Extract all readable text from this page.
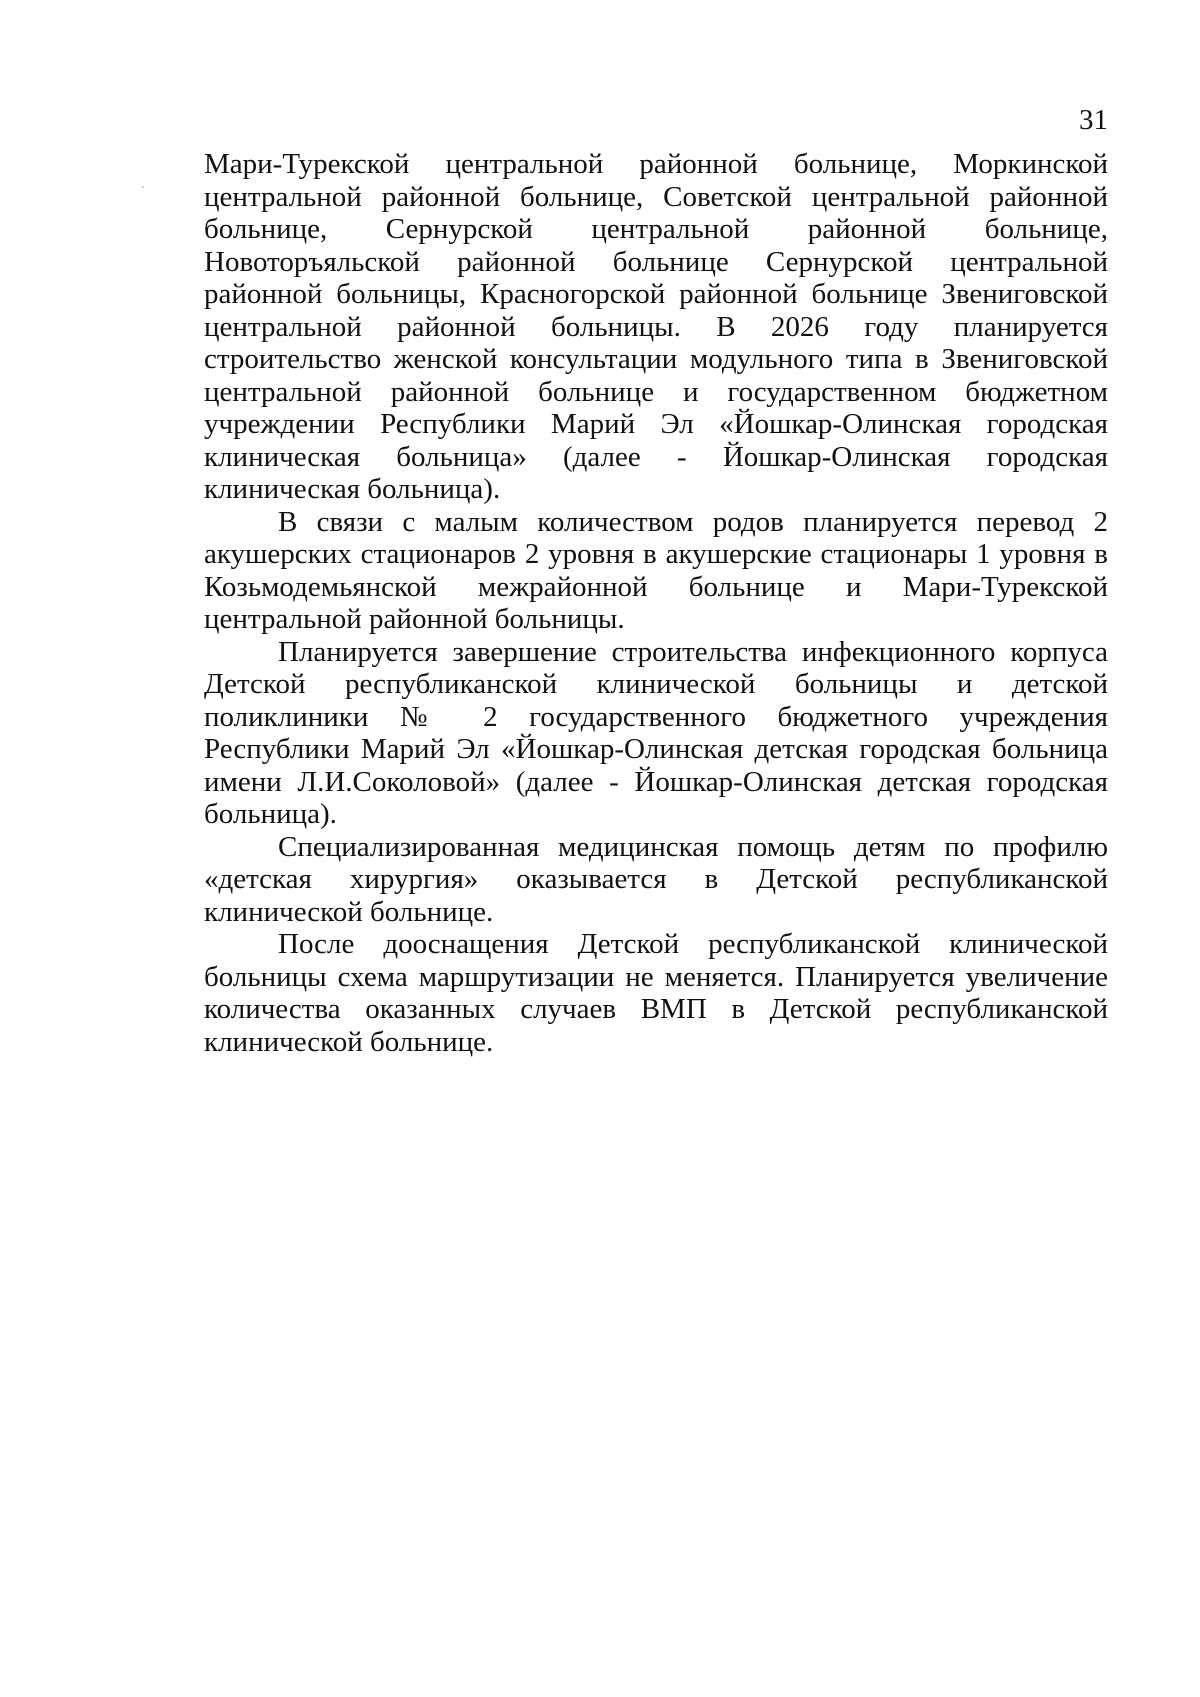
31

Мари-Турекской центральной районной больнице, Моркинской центральной районной больнице, Советской центральной районной больнице, Сернурской центральной районной больнице, Новоторъяльской районной больнице Сернурской центральной районной больницы, Красногорской районной больнице Звениговской центральной районной больницы. В 2026 году планируется строительство женской консультации модульного типа в Звениговской центральной районной больнице и государственном бюджетном учреждении Республики Марий Эл «Йошкар-Олинская городская клиническая больница» (далее - Йошкар-Олинская городская клиническая больница).

В связи с малым количеством родов планируется перевод 2 акушерских стационаров 2 уровня в акушерские стационары 1 уровня в Козьмодемьянской межрайонной больнице и Мари-Турекской центральной районной больницы.

Планируется завершение строительства инфекционного корпуса Детской республиканской клинической больницы и детской поликлиники № 2 государственного бюджетного учреждения Республики Марий Эл «Йошкар-Олинская детская городская больница имени Л.И.Соколовой» (далее - Йошкар-Олинская детская городская больница).

Специализированная медицинская помощь детям по профилю «детская хирургия» оказывается в Детской республиканской клинической больнице.

После дооснащения Детской республиканской клинической больницы схема маршрутизации не меняется. Планируется увеличение количества оказанных случаев ВМП в Детской республиканской клинической больнице.
